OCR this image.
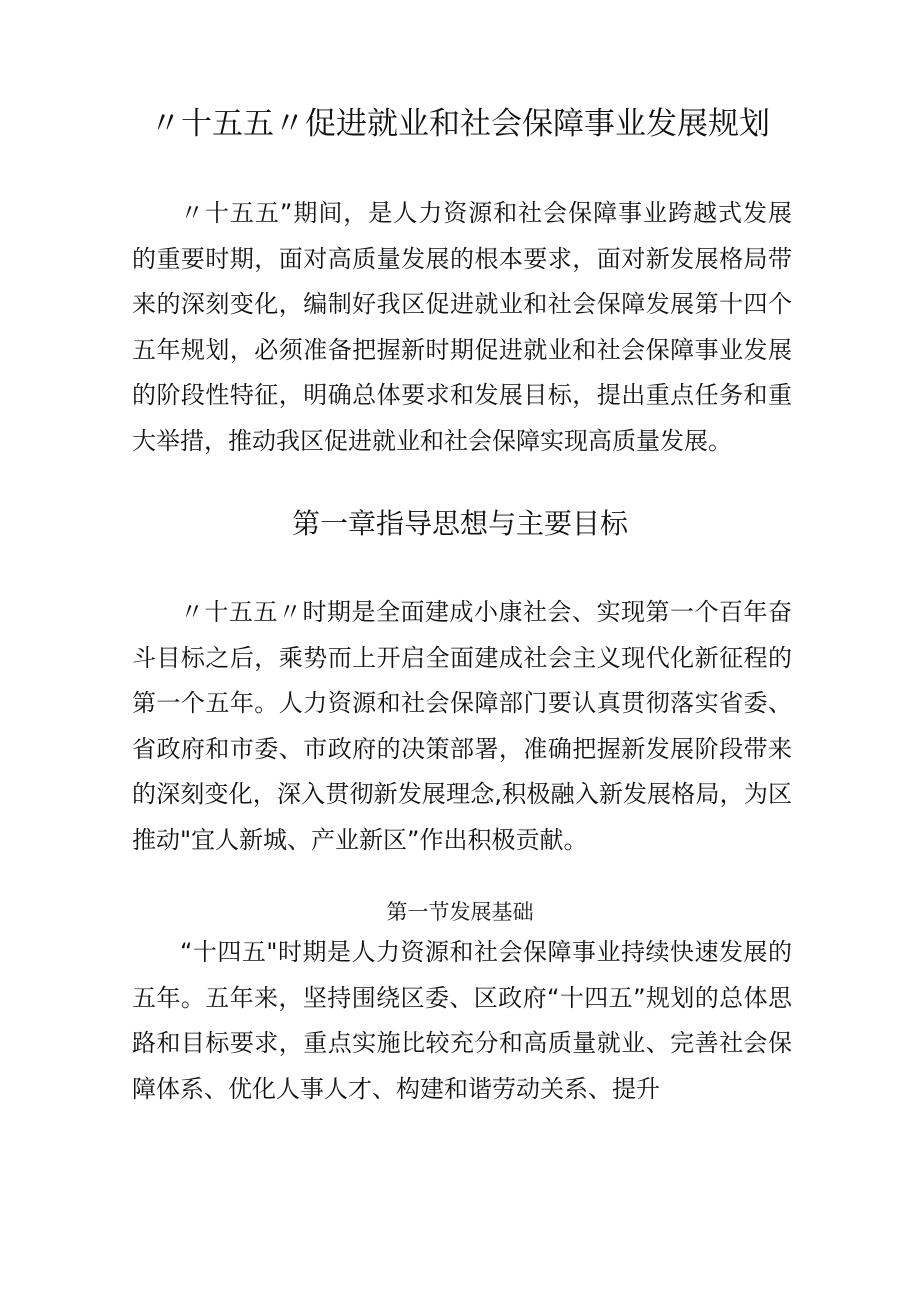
〃十五五〃促进就业和社会保障事业发展规划

〃十五五”期间，是人力资源和社会保障事业跨越式发展的重要时期，面对高质量发展的根本要求，面对新发展格局带来的深刻变化，编制好我区促进就业和社会保障发展第十四个五年规划，必须准备把握新时期促进就业和社会保障事业发展的阶段性特征，明确总体要求和发展目标，提出重点任务和重大举措，推动我区促进就业和社会保障实现高质量发展。

第一章指导思想与主要目标

〃十五五〃时期是全面建成小康社会、实现第一个百年奋斗目标之后，乘势而上开启全面建成社会主义现代化新征程的第一个五年。人力资源和社会保障部门要认真贯彻落实省委、省政府和市委、市政府的决策部署，准确把握新发展阶段带来的深刻变化，深入贯彻新发展理念,积极融入新发展格局，为区推动"宜人新城、产业新区”作出积极贡献。

第一节发展基础

“十四五"时期是人力资源和社会保障事业持续快速发展的五年。五年来，坚持围绕区委、区政府“十四五”规划的总体思路和目标要求，重点实施比较充分和高质量就业、完善社会保障体系、优化人事人才、构建和谐劳动关系、提升
